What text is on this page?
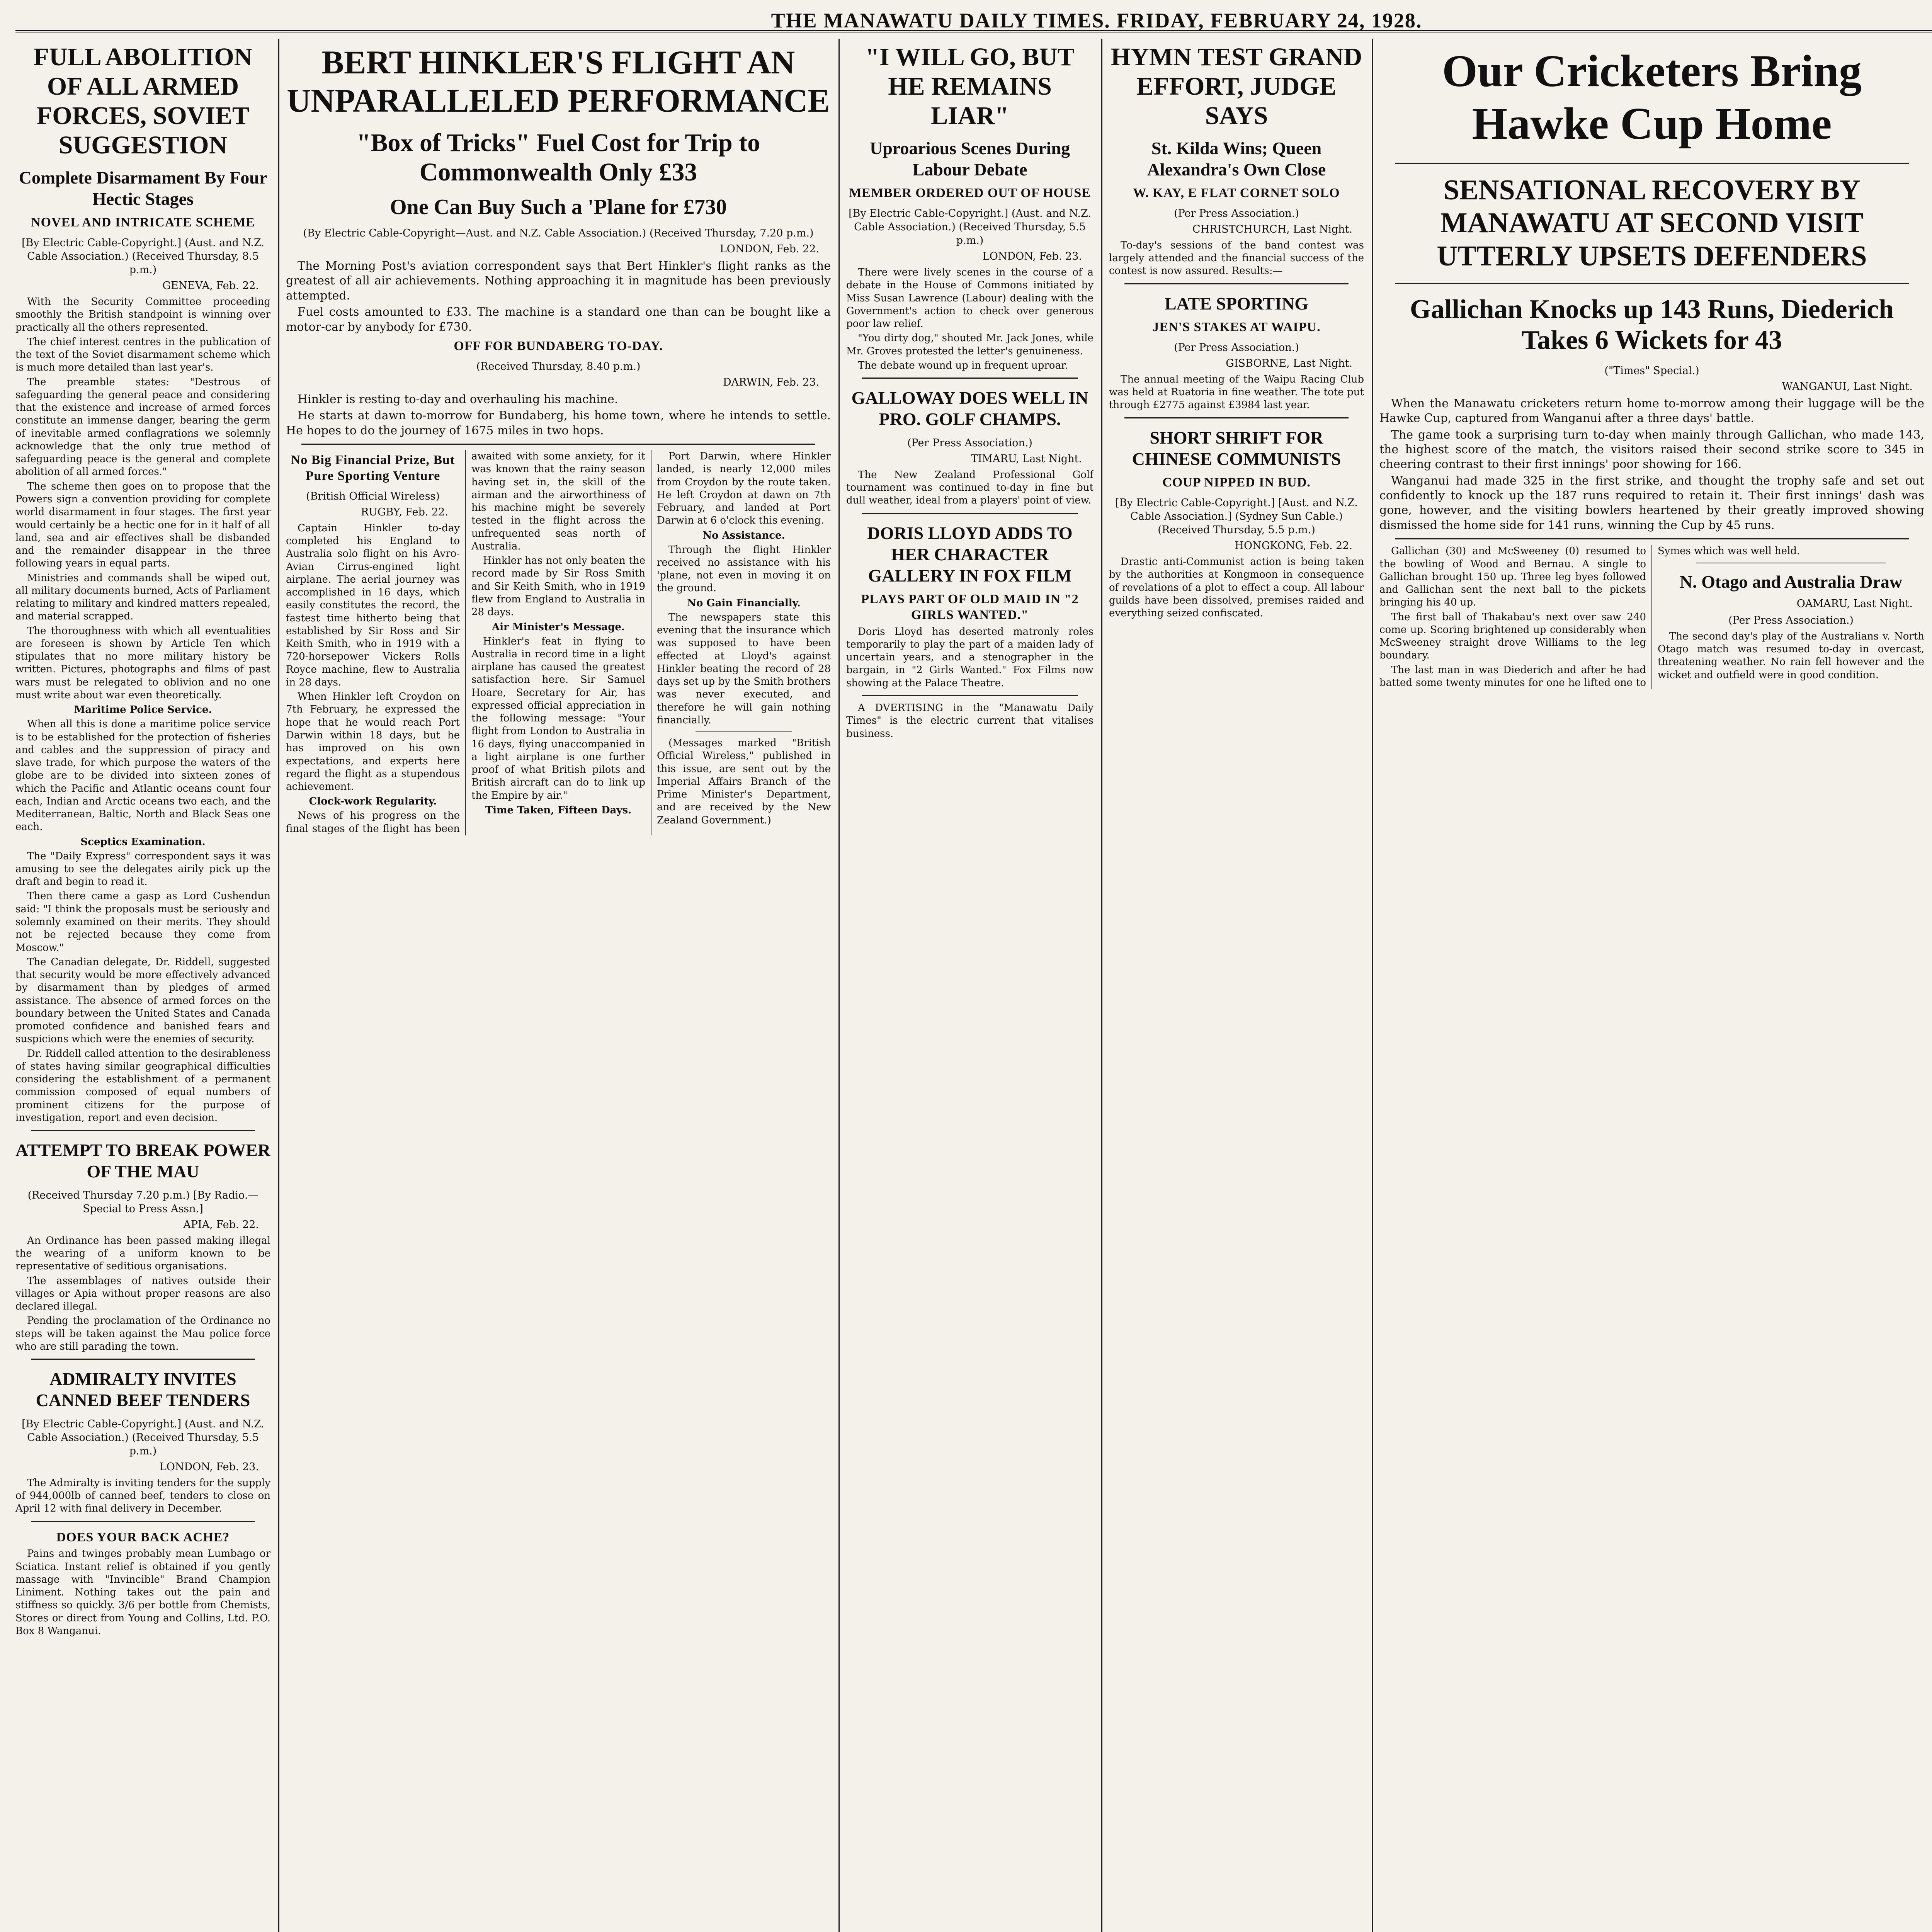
THE MANAWATU DAILY TIMES. FRIDAY, FEBRUARY 24, 1928.
FULL ABOLITION OF ALL ARMED FORCES, SOVIET SUGGESTION
Complete Disarmament By Four Hectic Stages
NOVEL AND INTRICATE SCHEME
[By Electric Cable-Copyright.] (Aust. and N.Z. Cable Association.) (Received Thursday, 8.5 p.m.)
GENEVA, Feb. 22.

With the Security Committee proceeding smoothly the British standpoint is winning over practically all the others represented.

The chief interest centres in the publication of the text of the Soviet disarmament scheme which is much more detailed than last year's.

The preamble states: "Destrous of safeguarding the general peace and considering that the existence and increase of armed forces constitute an immense danger, bearing the germ of inevitable armed conflagrations we solemnly acknowledge that the only true method of safeguarding peace is the general and complete abolition of all armed forces."

The scheme then goes on to propose that the Powers sign a convention providing for complete world disarmament in four stages. The first year would certainly be a hectic one for in it half of all land, sea and air effectives shall be disbanded and the remainder disappear in the three following years in equal parts.

Ministries and commands shall be wiped out, all military documents burned, Acts of Parliament relating to military and kindred matters repealed, and material scrapped.

The thoroughness with which all eventualities are foreseen is shown by Article Ten which stipulates that no more military history be written. Pictures, photographs and films of past wars must be relegated to oblivion and no one must write about war even theoretically.

Maritime Police Service.

When all this is done a maritime police service is to be established for the protection of fisheries and cables and the suppression of piracy and slave trade, for which purpose the waters of the globe are to be divided into sixteen zones of which the Pacific and Atlantic oceans count four each, Indian and Arctic oceans two each, and the Mediterranean, Baltic, North and Black Seas one each.

Sceptics Examination.

The "Daily Express" correspondent says it was amusing to see the delegates airily pick up the draft and begin to read it.

Then there came a gasp as Lord Cushendun said: "I think the proposals must be seriously and solemnly examined on their merits. They should not be rejected because they come from Moscow."

The Canadian delegate, Dr. Riddell, suggested that security would be more effectively advanced by disarmament than by pledges of armed assistance. The absence of armed forces on the boundary between the United States and Canada promoted confidence and banished fears and suspicions which were the enemies of security.

Dr. Riddell called attention to the desirableness of states having similar geographical difficulties considering the establishment of a permanent commission composed of equal numbers of prominent citizens for the purpose of investigation, report and even decision.

ATTEMPT TO BREAK POWER OF THE MAU
(Received Thursday 7.20 p.m.) [By Radio.—Special to Press Assn.]
APIA, Feb. 22.

An Ordinance has been passed making illegal the wearing of a uniform known to be representative of seditious organisations.

The assemblages of natives outside their villages or Apia without proper reasons are also declared illegal.

Pending the proclamation of the Ordinance no steps will be taken against the Mau police force who are still parading the town.

ADMIRALTY INVITES CANNED BEEF TENDERS
[By Electric Cable-Copyright.] (Aust. and N.Z. Cable Association.) (Received Thursday, 5.5 p.m.)
LONDON, Feb. 23.

The Admiralty is inviting tenders for the supply of 944,000lb of canned beef, tenders to close on April 12 with final delivery in December.

DOES YOUR BACK ACHE?

Pains and twinges probably mean Lumbago or Sciatica. Instant relief is obtained if you gently massage with "Invincible" Brand Champion Liniment. Nothing takes out the pain and stiffness so quickly. 3/6 per bottle from Chemists, Stores or direct from Young and Collins, Ltd. P.O. Box 8 Wanganui.

BERT HINKLER'S FLIGHT AN UNPARALLELED PERFORMANCE
"Box of Tricks" Fuel Cost for Trip to Commonwealth Only £33
One Can Buy Such a 'Plane for £730
(By Electric Cable-Copyright—Aust. and N.Z. Cable Association.) (Received Thursday, 7.20 p.m.)
LONDON, Feb. 22.

The Morning Post's aviation correspondent says that Bert Hinkler's flight ranks as the greatest of all air achievements. Nothing approaching it in magnitude has been previously attempted.

Fuel costs amounted to £33. The machine is a standard one than can be bought like a motor-car by anybody for £730.

OFF FOR BUNDABERG TO-DAY.
(Received Thursday, 8.40 p.m.)
DARWIN, Feb. 23.

Hinkler is resting to-day and overhauling his machine.

He starts at dawn to-morrow for Bundaberg, his home town, where he intends to settle. He hopes to do the journey of 1675 miles in two hops.

No Big Financial Prize, But Pure Sporting Venture
(British Official Wireless)
RUGBY, Feb. 22.

Captain Hinkler to-day completed his England to Australia solo flight on his Avro-Avian Cirrus-engined light airplane. The aerial journey was accomplished in 16 days, which easily constitutes the record, the fastest time hitherto being that established by Sir Ross and Sir Keith Smith, who in 1919 with a 720-horsepower Vickers Rolls Royce machine, flew to Australia in 28 days.

When Hinkler left Croydon on 7th February, he expressed the hope that he would reach Port Darwin within 18 days, but he has improved on his own expectations, and experts here regard the flight as a stupendous achievement.

Clock-work Regularity.

News of his progress on the final stages of the flight has been awaited with some anxiety, for it was known that the rainy season having set in, the skill of the airman and the airworthiness of his machine might be severely tested in the flight across the unfrequented seas north of Australia.

Hinkler has not only beaten the record made by Sir Ross Smith and Sir Keith Smith, who in 1919 flew from England to Australia in 28 days.

Air Minister's Message.

Hinkler's feat in flying to Australia in record time in a light airplane has caused the greatest satisfaction here. Sir Samuel Hoare, Secretary for Air, has expressed official appreciation in the following message: "Your flight from London to Australia in 16 days, flying unaccompanied in a light airplane is one further proof of what British pilots and British aircraft can do to link up the Empire by air."

Time Taken, Fifteen Days.

Port Darwin, where Hinkler landed, is nearly 12,000 miles from Croydon by the route taken. He left Croydon at dawn on 7th February, and landed at Port Darwin at 6 o'clock this evening.

No Assistance.

Through the flight Hinkler received no assistance with his 'plane, not even in moving it on the ground.

No Gain Financially.

The newspapers state this evening that the insurance which was supposed to have been effected at Lloyd's against Hinkler beating the record of 28 days set up by the Smith brothers was never executed, and therefore he will gain nothing financially.

(Messages marked "British Official Wireless," published in this issue, are sent out by the Imperial Affairs Branch of the Prime Minister's Department, and are received by the New Zealand Government.)

"I WILL GO, BUT HE REMAINS LIAR"
Uproarious Scenes During Labour Debate
MEMBER ORDERED OUT OF HOUSE
[By Electric Cable-Copyright.] (Aust. and N.Z. Cable Association.) (Received Thursday, 5.5 p.m.)
LONDON, Feb. 23.

There were lively scenes in the course of a debate in the House of Commons initiated by Miss Susan Lawrence (Labour) dealing with the Government's action to check over generous poor law relief.

"You dirty dog," shouted Mr. Jack Jones, while Mr. Groves protested the letter's genuineness.

The debate wound up in frequent uproar.

GALLOWAY DOES WELL IN PRO. GOLF CHAMPS.
(Per Press Association.)
TIMARU, Last Night.

The New Zealand Professional Golf tournament was continued to-day in fine but dull weather, ideal from a players' point of view.

DORIS LLOYD ADDS TO HER CHARACTER GALLERY IN FOX FILM
PLAYS PART OF OLD MAID IN "2 GIRLS WANTED."

Doris Lloyd has deserted matronly roles temporarily to play the part of a maiden lady of uncertain years, and a stenographer in the bargain, in "2 Girls Wanted." Fox Films now showing at the Palace Theatre.

A DVERTISING in the "Manawatu Daily Times" is the electric current that vitalises business.

HYMN TEST GRAND EFFORT, JUDGE SAYS
St. Kilda Wins; Queen Alexandra's Own Close
W. KAY, E FLAT CORNET SOLO
(Per Press Association.)
CHRISTCHURCH, Last Night.

To-day's sessions of the band contest was largely attended and the financial success of the contest is now assured. Results:—

LATE SPORTING
JEN'S STAKES AT WAIPU.
(Per Press Association.)
GISBORNE, Last Night.

The annual meeting of the Waipu Racing Club was held at Ruatoria in fine weather. The tote put through £2775 against £3984 last year.

SHORT SHRIFT FOR CHINESE COMMUNISTS
COUP NIPPED IN BUD.
[By Electric Cable-Copyright.] [Aust. and N.Z. Cable Association.] (Sydney Sun Cable.) (Received Thursday, 5.5 p.m.)
HONGKONG, Feb. 22.

Drastic anti-Communist action is being taken by the authorities at Kongmoon in consequence of revelations of a plot to effect a coup. All labour guilds have been dissolved, premises raided and everything seized confiscated.

Our Cricketers Bring Hawke Cup Home
SENSATIONAL RECOVERY BY MANAWATU AT SECOND VISIT UTTERLY UPSETS DEFENDERS
Gallichan Knocks up 143 Runs, Diederich Takes 6 Wickets for 43
("Times" Special.)
WANGANUI, Last Night.

When the Manawatu cricketers return home to-morrow among their luggage will be the Hawke Cup, captured from Wanganui after a three days' battle.

The game took a surprising turn to-day when mainly through Gallichan, who made 143, the highest score of the match, the visitors raised their second strike score to 345 in cheering contrast to their first innings' poor showing for 166.

Wanganui had made 325 in the first strike, and thought the trophy safe and set out confidently to knock up the 187 runs required to retain it. Their first innings' dash was gone, however, and the visiting bowlers heartened by their greatly improved showing dismissed the home side for 141 runs, winning the Cup by 45 runs.

Gallichan (30) and McSweeney (0) resumed to the bowling of Wood and Bernau. A single to Gallichan brought 150 up. Three leg byes followed and Gallichan sent the next ball to the pickets bringing his 40 up.

The first ball of Thakabau's next over saw 240 come up. Scoring brightened up considerably when McSweeney straight drove Williams to the leg boundary.

The last man in was Diederich and after he had batted some twenty minutes for one he lifted one to Symes which was well held.

N. Otago and Australia Draw
OAMARU, Last Night.
(Per Press Association.)

The second day's play of the Australians v. North Otago match was resumed to-day in overcast, threatening weather. No rain fell however and the wicket and outfield were in good condition.
